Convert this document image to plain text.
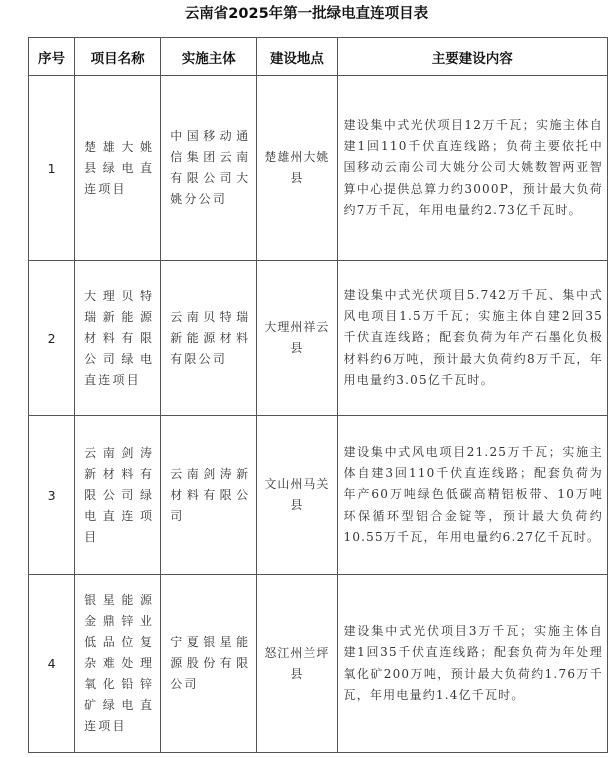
云南省2025年第一批绿电直连项目表
序号	项目名称	实施主体	建设地点	主要建设内容
1	楚雄大姚县绿电直连项目	中国移动通信集团云南有限公司大姚分公司	楚雄州大姚县	建设集中式光伏项目12万千瓦；实施主体自建1回110千伏直连线路；负荷主要依托中国移动云南公司大姚分公司大姚数智两亚智算中心提供总算力约3000P，预计最大负荷约7万千瓦，年用电量约2.73亿千瓦时。
2	大理贝特瑞新能源材料有限公司绿电直连项目	云南贝特瑞新能源材料有限公司	大理州祥云县	建设集中式光伏项目5.742万千瓦、集中式风电项目1.5万千瓦；实施主体自建2回35千伏直连线路；配套负荷为年产石墨化负极材料约6万吨，预计最大负荷约8万千瓦，年用电量约3.05亿千瓦时。
3	云南剑涛新材料有限公司绿电直连项目	云南剑涛新材料有限公司	文山州马关县	建设集中式风电项目21.25万千瓦；实施主体自建3回110千伏直连线路；配套负荷为年产60万吨绿色低碳高精铝板带、10万吨环保循环型铝合金锭等，预计最大负荷约10.55万千瓦，年用电量约6.27亿千瓦时。
4	银星能源金鼎锌业低品位复杂难处理氧化铅锌矿绿电直连项目	宁夏银星能源股份有限公司	怒江州兰坪县	建设集中式光伏项目3万千瓦；实施主体自建1回35千伏直连线路；配套负荷为年处理氧化矿200万吨，预计最大负荷约1.76万千瓦，年用电量约1.4亿千瓦时。
